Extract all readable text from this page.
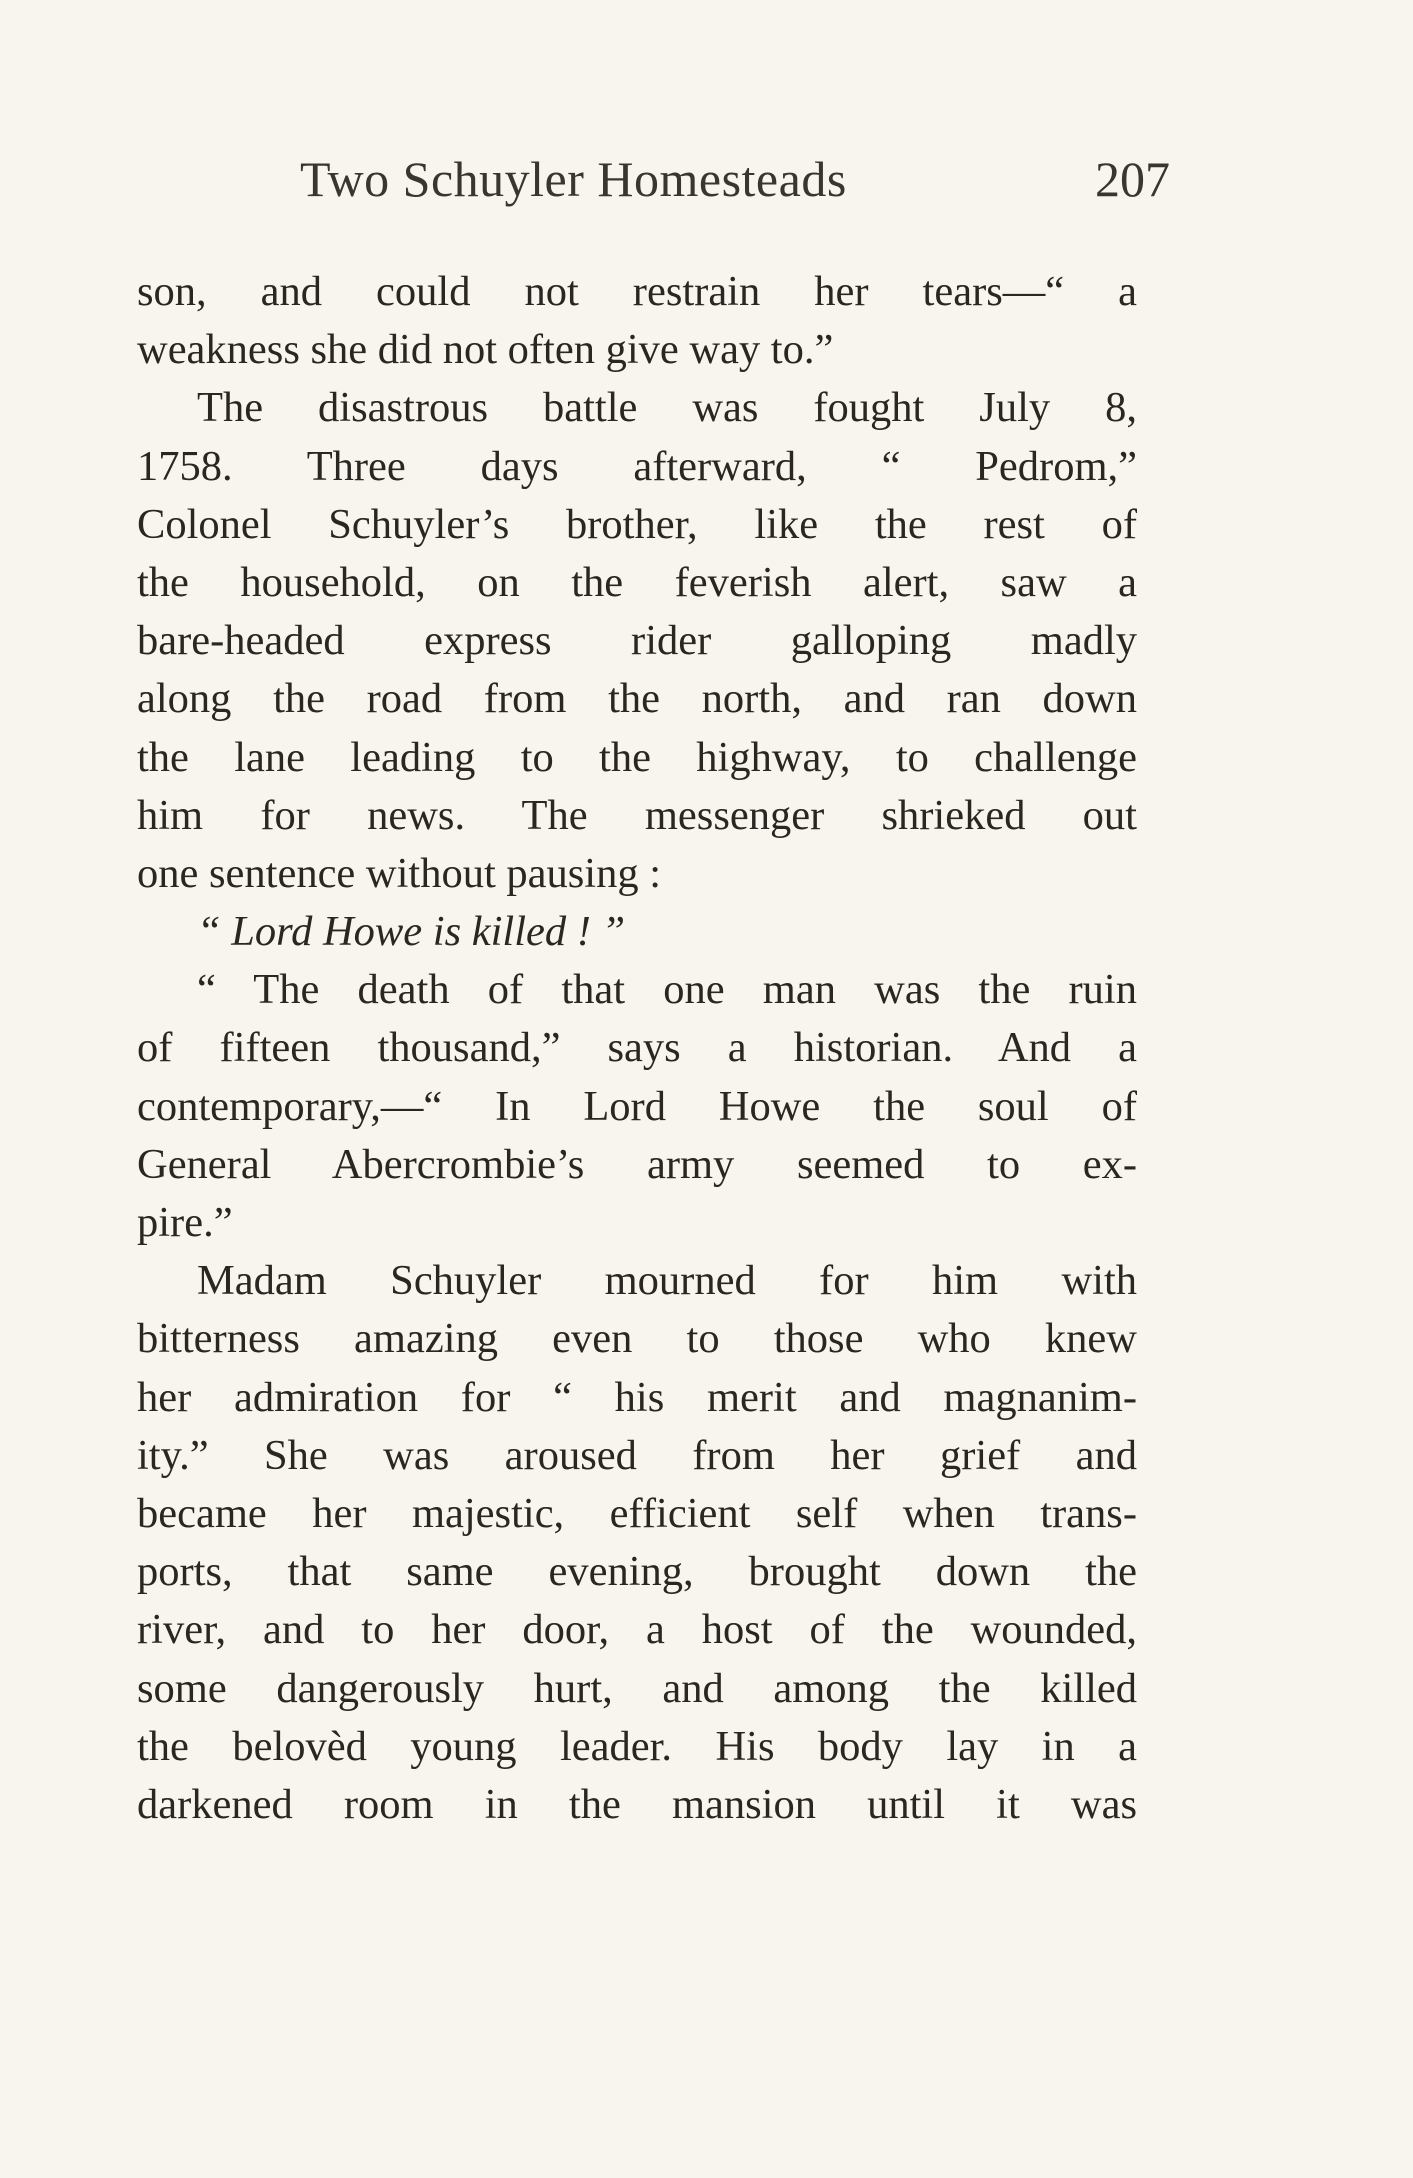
Two Schuyler Homesteads	207
son, and could not restrain her tears—“ a
weakness she did not often give way to.”
The disastrous battle was fought July 8,
1758. Three days afterward, “ Pedrom,”
Colonel Schuyler’s brother, like the rest of
the household, on the feverish alert, saw a
bare-headed express rider galloping madly
along the road from the north, and ran down
the lane leading to the highway, to challenge
him for news. The messenger shrieked out
one sentence without pausing :
“ Lord Howe is killed ! ”
“ The death of that one man was the ruin
of fifteen thousand,” says a historian. And a
contemporary,—“ In Lord Howe the soul of
General Abercrombie’s army seemed to ex-
pire.”
Madam Schuyler mourned for him with
bitterness amazing even to those who knew
her admiration for “ his merit and magnanim-
ity.” She was aroused from her grief and
became her majestic, efficient self when trans-
ports, that same evening, brought down the
river, and to her door, a host of the wounded,
some dangerously hurt, and among the killed
the belovèd young leader. His body lay in a
darkened room in the mansion until it was
